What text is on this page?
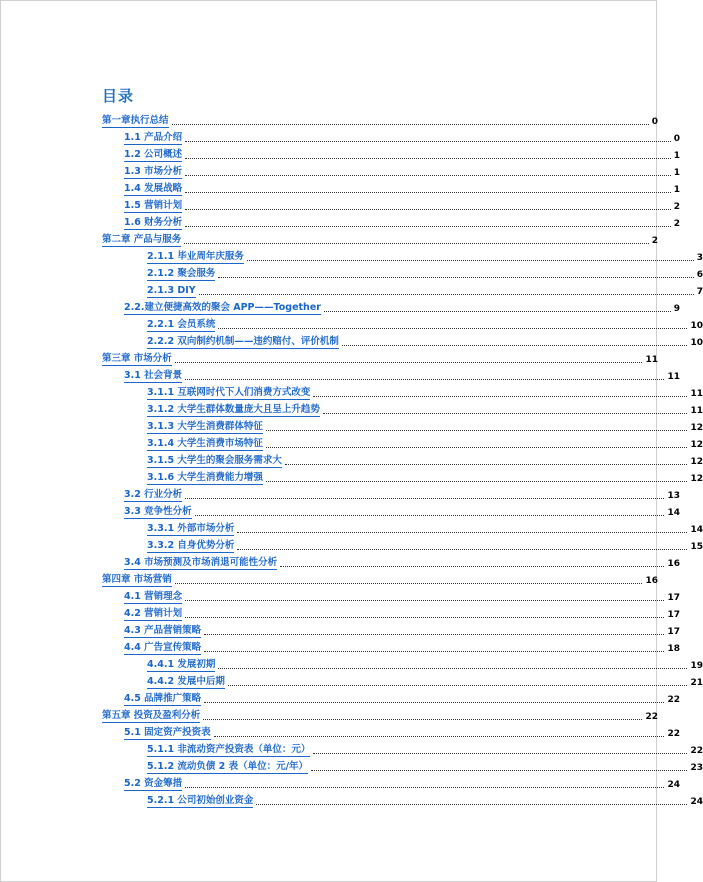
目录
第一章执行总结	0
1.1 产品介绍	0
1.2 公司概述	1
1.3 市场分析	1
1.4 发展战略	1
1.5 营销计划	2
1.6 财务分析	2
第二章 产品与服务	2
2.1.1 毕业周年庆服务	3
2.1.2 聚会服务	6
2.1.3 DIY	7
2.2.建立便捷高效的聚会 APP——Together	9
2.2.1 会员系统	10
2.2.2 双向制约机制——违约赔付、评价机制	10
第三章 市场分析	11
3.1 社会背景	11
3.1.1 互联网时代下人们消费方式改变	11
3.1.2 大学生群体数量庞大且呈上升趋势	11
3.1.3 大学生消费群体特征	12
3.1.4 大学生消费市场特征	12
3.1.5 大学生的聚会服务需求大	12
3.1.6 大学生消费能力增强	12
3.2 行业分析	13
3.3 竞争性分析	14
3.3.1 外部市场分析	14
3.3.2 自身优势分析	15
3.4 市场预测及市场消退可能性分析	16
第四章 市场营销	16
4.1 营销理念	17
4.2 营销计划	17
4.3 产品营销策略	17
4.4 广告宣传策略	18
4.4.1 发展初期	19
4.4.2 发展中后期	21
4.5 品牌推广策略	22
第五章 投资及盈利分析	22
5.1 固定资产投资表	22
5.1.1 非流动资产投资表（单位：元）	22
5.1.2 流动负债 2 表（单位：元/年）	23
5.2 资金筹措	24
5.2.1 公司初始创业资金	24
